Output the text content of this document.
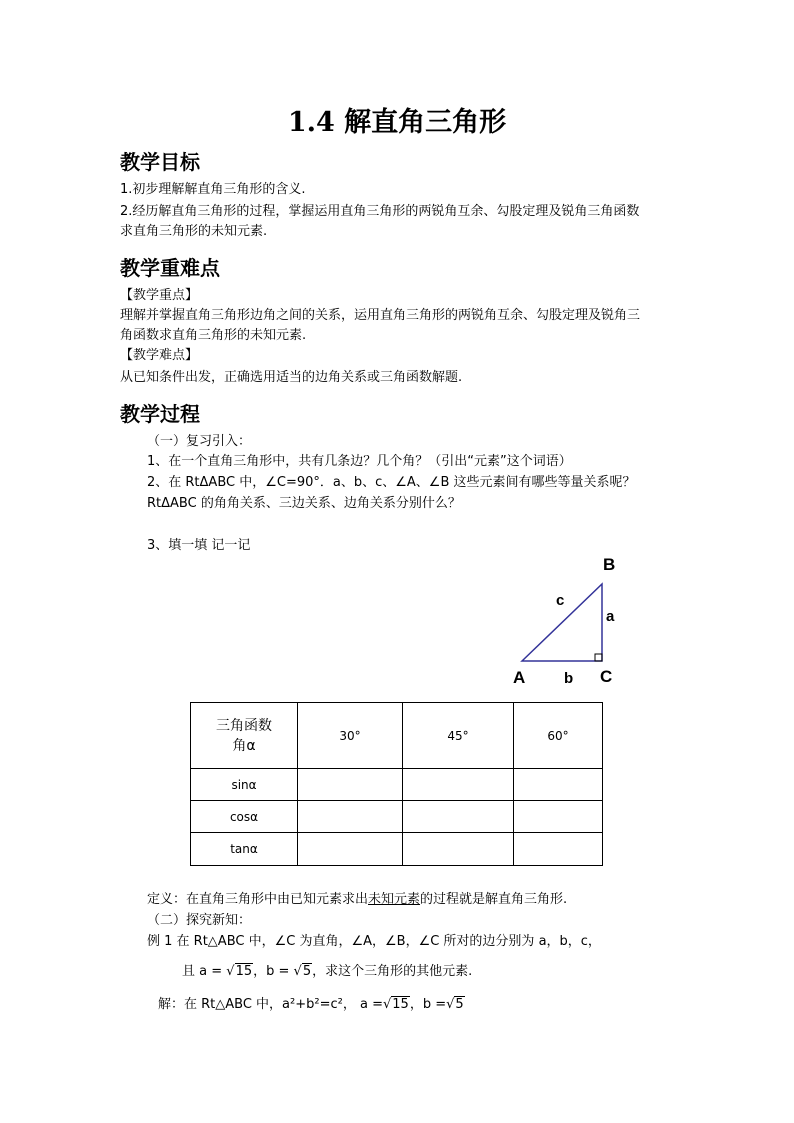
1.4 解直角三角形
教学目标
1.初步理解解直角三角形的含义.
2.经历解直角三角形的过程，掌握运用直角三角形的两锐角互余、勾股定理及锐角三角函数
求直角三角形的未知元素.
教学重难点
【教学重点】
理解并掌握直角三角形边角之间的关系，运用直角三角形的两锐角互余、勾股定理及锐角三
角函数求直角三角形的未知元素.
【教学难点】
从已知条件出发，正确选用适当的边角关系或三角函数解题.
教学过程
（一）复习引入：
1、在一个直角三角形中，共有几条边？几个角？（引出“元素”这个词语）
2、在 RtΔABC 中，∠C=90°．a、b、c、∠A、∠B 这些元素间有哪些等量关系呢？
RtΔABC 的角角关系、三边关系、边角关系分别什么？
3、填一填 记一记
B
A	C
c
a
b
三角函数
角α	30°	45°	60°
sinα			
cosα			
tanα			
定义：在直角三角形中由已知元素求出未知元素的过程就是解直角三角形.
（二）探究新知：
例 1 在 Rt△ABC 中，∠C 为直角，∠A，∠B，∠C 所对的边分别为 a，b，c，
且 a = √15，b = √5，求这个三角形的其他元素.
解：在 Rt△ABC 中，a²+b²=c²， a =√15，b =√5
